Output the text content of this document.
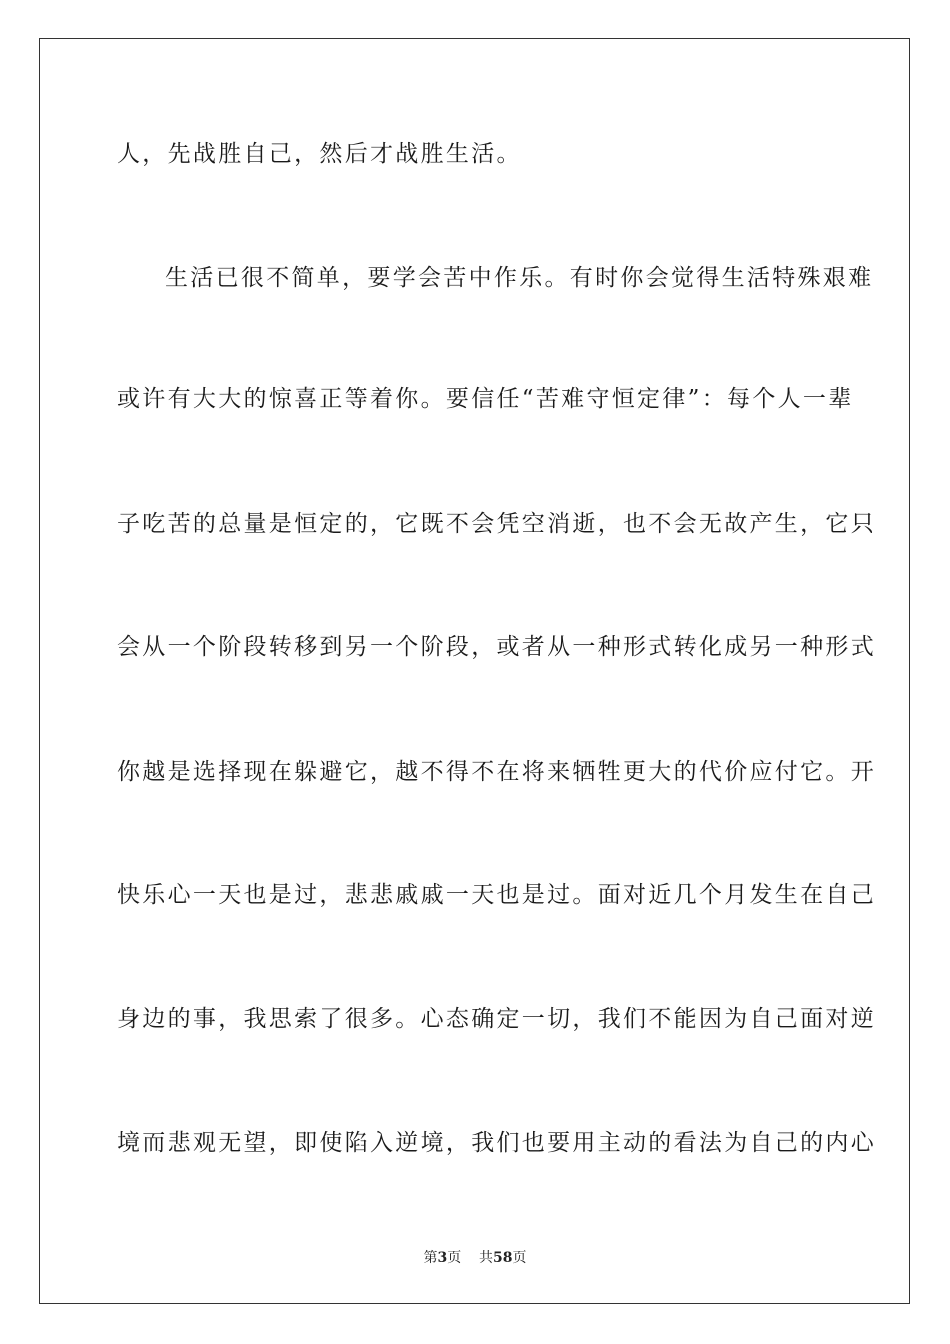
人，先战胜自己，然后才战胜生活。
生活已很不简单，要学会苦中作乐。有时你会觉得生活特殊艰难
或许有大大的惊喜正等着你。要信任“苦难守恒定律”：每个人一辈
子吃苦的总量是恒定的，它既不会凭空消逝，也不会无故产生，它只
会从一个阶段转移到另一个阶段，或者从一种形式转化成另一种形式
你越是选择现在躲避它，越不得不在将来牺牲更大的代价应付它。开
快乐心一天也是过，悲悲戚戚一天也是过。面对近几个月发生在自己
身边的事，我思索了很多。心态确定一切，我们不能因为自己面对逆
境而悲观无望，即使陷入逆境，我们也要用主动的看法为自己的内心
第3页 共58页
